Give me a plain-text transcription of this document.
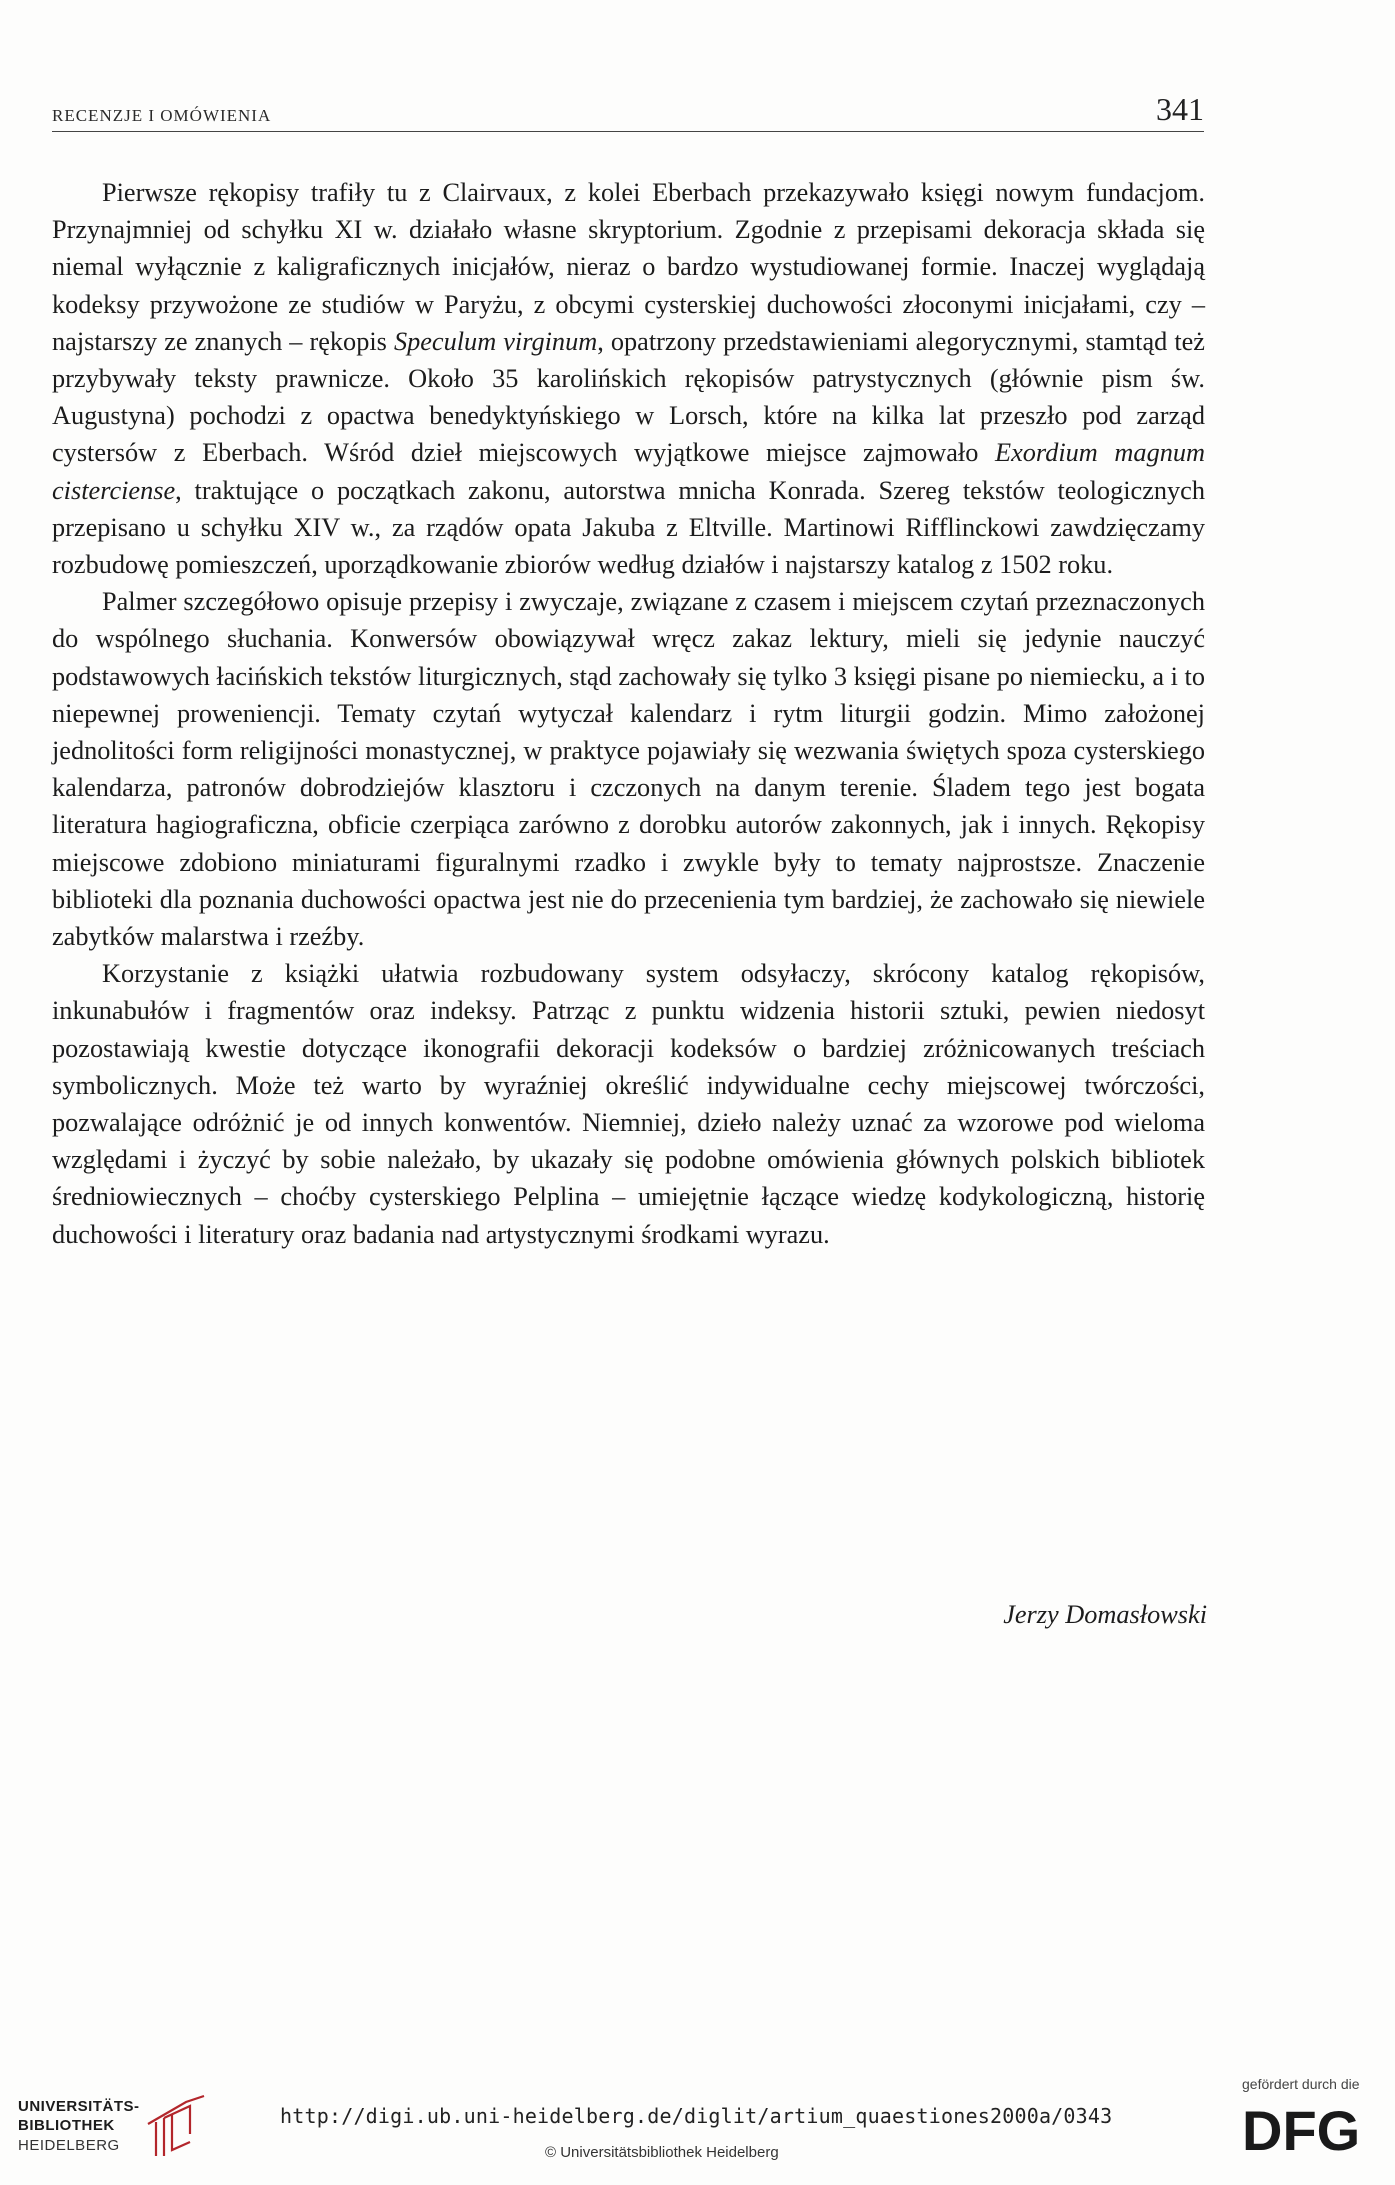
RECENZJE I OMÓWIENIA	341

Pierwsze rękopisy trafiły tu z Clairvaux, z kolei Eberbach przekazywało księgi nowym fundacjom. Przynajmniej od schyłku XI w. działało własne skryptorium. Zgodnie z przepisami dekoracja składa się niemal wyłącznie z kaligraficznych inicjałów, nieraz o bardzo wystudiowanej formie. Inaczej wyglądają kodeksy przywożone ze studiów w Paryżu, z obcymi cysterskiej duchowości złoconymi inicjałami, czy – najstarszy ze znanych – rękopis Speculum virginum, opatrzony przedstawieniami alegorycznymi, stamtąd też przybywały teksty prawnicze. Około 35 karolińskich rękopisów patrystycznych (głównie pism św. Augustyna) pochodzi z opactwa benedyktyńskiego w Lorsch, które na kilka lat przeszło pod zarząd cystersów z Eberbach. Wśród dzieł miejscowych wyjątkowe miejsce zajmowało Exordium magnum cisterciense, traktujące o początkach zakonu, autorstwa mnicha Konrada. Szereg tekstów teologicznych przepisano u schyłku XIV w., za rządów opata Jakuba z Eltville. Martinowi Rifflinckowi zawdzięczamy rozbudowę pomieszczeń, uporządkowanie zbiorów według działów i najstarszy katalog z 1502 roku.

Palmer szczegółowo opisuje przepisy i zwyczaje, związane z czasem i miejscem czytań przeznaczonych do wspólnego słuchania. Konwersów obowiązywał wręcz zakaz lektury, mieli się jedynie nauczyć podstawowych łacińskich tekstów liturgicznych, stąd zachowały się tylko 3 księgi pisane po niemiecku, a i to niepewnej proweniencji. Tematy czytań wytyczał kalendarz i rytm liturgii godzin. Mimo założonej jednolitości form religijności monastycznej, w praktyce pojawiały się wezwania świętych spoza cysterskiego kalendarza, patronów dobrodziejów klasztoru i czczonych na danym terenie. Śladem tego jest bogata literatura hagiograficzna, obficie czerpiąca zarówno z dorobku autorów zakonnych, jak i innych. Rękopisy miejscowe zdobiono miniaturami figuralnymi rzadko i zwykle były to tematy najprostsze. Znaczenie biblioteki dla poznania duchowości opactwa jest nie do przecenienia tym bardziej, że zachowało się niewiele zabytków malarstwa i rzeźby.

Korzystanie z książki ułatwia rozbudowany system odsyłaczy, skrócony katalog rękopisów, inkunabułów i fragmentów oraz indeksy. Patrząc z punktu widzenia historii sztuki, pewien niedosyt pozostawiają kwestie dotyczące ikonografii dekoracji kodeksów o bardziej zróżnicowanych treściach symbolicznych. Może też warto by wyraźniej określić indywidualne cechy miejscowej twórczości, pozwalające odróżnić je od innych konwentów. Niemniej, dzieło należy uznać za wzorowe pod wieloma względami i życzyć by sobie należało, by ukazały się podobne omówienia głównych polskich bibliotek średniowiecznych – choćby cysterskiego Pelplina – umiejętnie łączące wiedzę kodykologiczną, historię duchowości i literatury oraz badania nad artystycznymi środkami wyrazu.

Jerzy Domasłowski
UNIVERSITÄTS-
BIBLIOTHEK
HEIDELBERG
http://digi.ub.uni-heidelberg.de/diglit/artium_quaestiones2000a/0343
© Universitätsbibliothek Heidelberg
gefördert durch die
DFG
